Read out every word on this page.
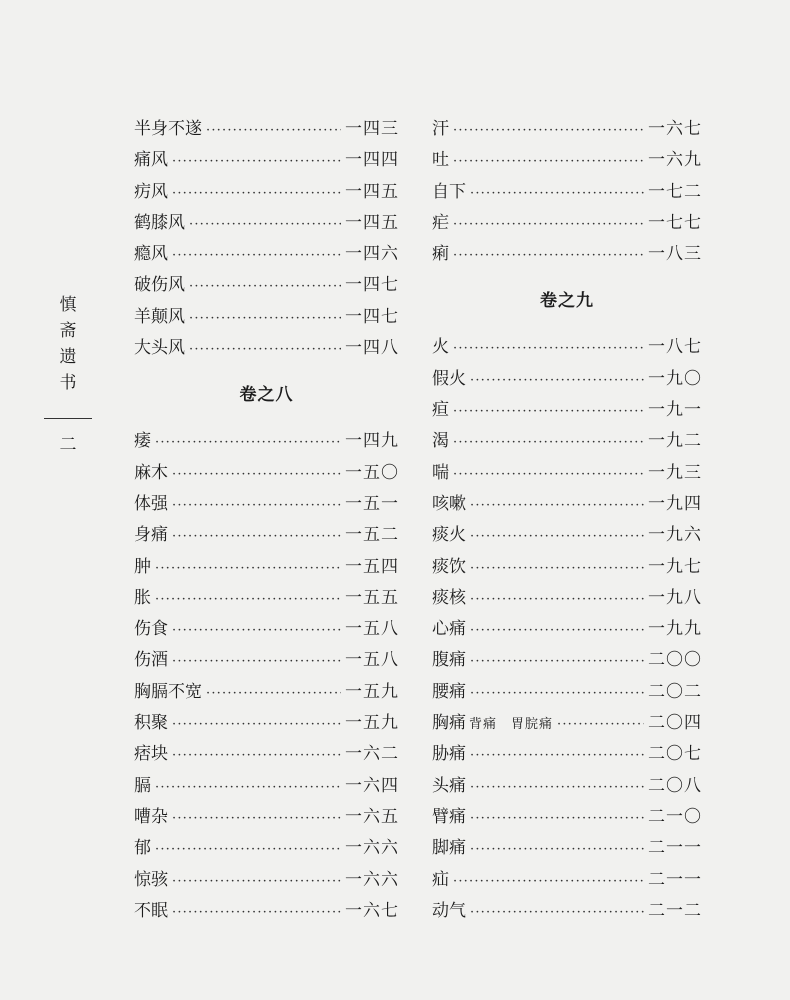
慎斋遗书
二
半身不遂 ·····	一四三
痛风 ·····	一四四
疠风 ·····	一四五
鹤膝风 ·····	一四五
瘾风 ·····	一四六
破伤风 ·····	一四七
羊颠风 ·····	一四七
大头风 ·····	一四八
卷之八
痿 ·····	一四九
麻木 ·····	一五〇
体强 ·····	一五一
身痛 ·····	一五二
肿 ·····	一五四
胀 ·····	一五五
伤食 ·····	一五八
伤酒 ·····	一五八
胸膈不宽 ·····	一五九
积聚 ·····	一五九
痞块 ·····	一六二
膈 ·····	一六四
嘈杂 ·····	一六五
郁 ·····	一六六
惊骇 ·····	一六六
不眠 ·····	一六七
汗 ·····	一六七
吐 ·····	一六九
自下 ·····	一七二
疟 ·····	一七七
痢 ·····	一八三
卷之九
火 ·····	一八七
假火 ·····	一九〇
疸 ·····	一九一
渴 ·····	一九二
喘 ·····	一九三
咳嗽 ·····	一九四
痰火 ·····	一九六
痰饮 ·····	一九七
痰核 ·····	一九八
心痛 ·····	一九九
腹痛 ·····	二〇〇
腰痛 ·····	二〇二
胸痛 背痛　胃脘痛 ·····	二〇四
胁痛 ·····	二〇七
头痛 ·····	二〇八
臂痛 ·····	二一〇
脚痛 ·····	二一一
疝 ·····	二一一
动气 ·····	二一二
